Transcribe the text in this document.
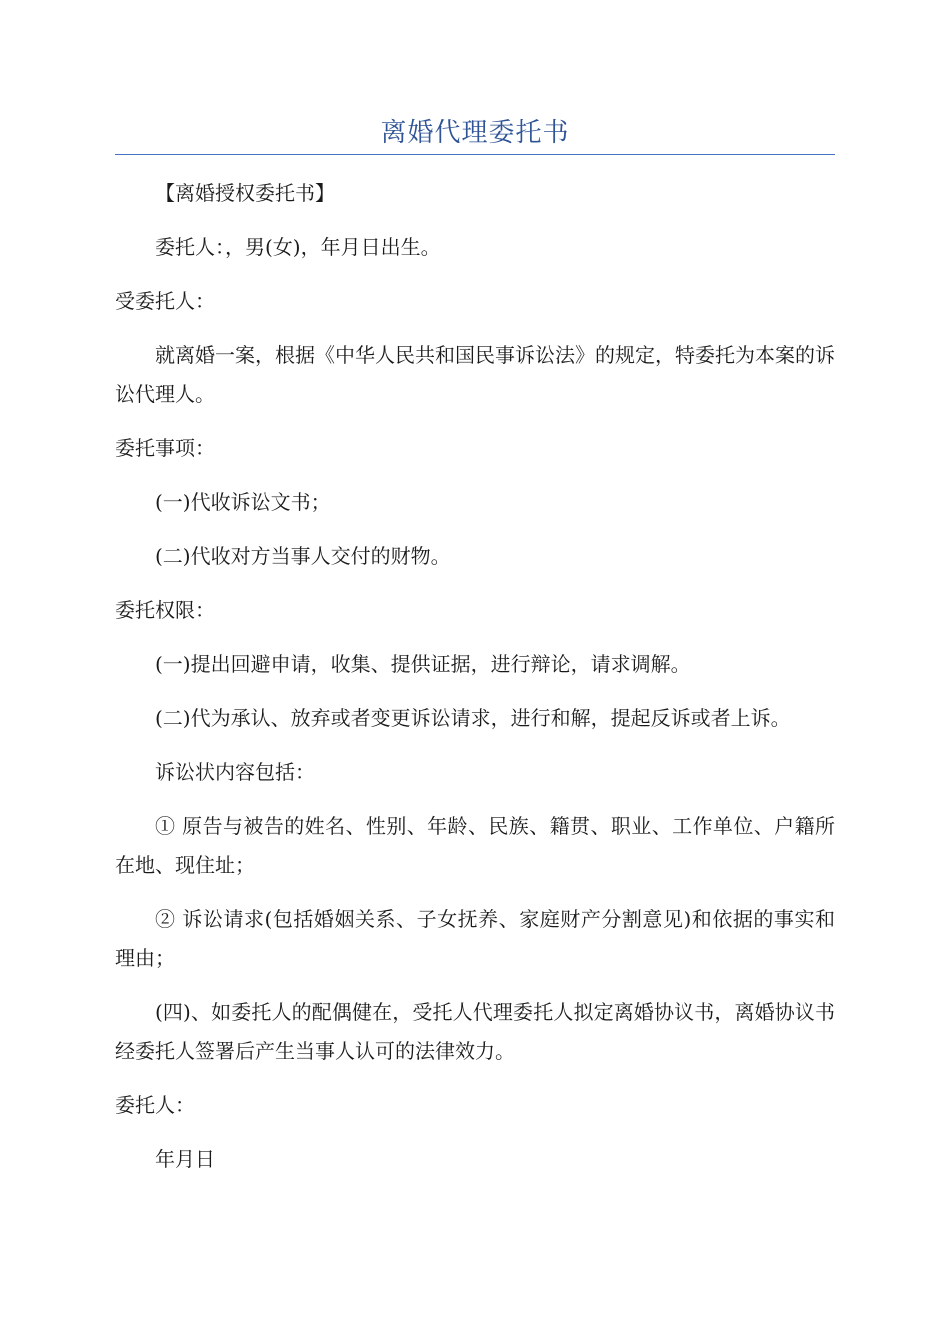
离婚代理委托书

【离婚授权委托书】

委托人：，男(女)，年月日出生。

受委托人：

就离婚一案，根据《中华人民共和国民事诉讼法》的规定，特委托为本案的诉讼代理人。

委托事项：

(一)代收诉讼文书；

(二)代收对方当事人交付的财物。

委托权限：

(一)提出回避申请，收集、提供证据，进行辩论，请求调解。

(二)代为承认、放弃或者变更诉讼请求，进行和解，提起反诉或者上诉。

诉讼状内容包括：

① 原告与被告的姓名、性别、年龄、民族、籍贯、职业、工作单位、户籍所在地、现住址；

② 诉讼请求(包括婚姻关系、子女抚养、家庭财产分割意见)和依据的事实和理由；

(四)、如委托人的配偶健在，受托人代理委托人拟定离婚协议书，离婚协议书经委托人签署后产生当事人认可的法律效力。

委托人：

年月日
